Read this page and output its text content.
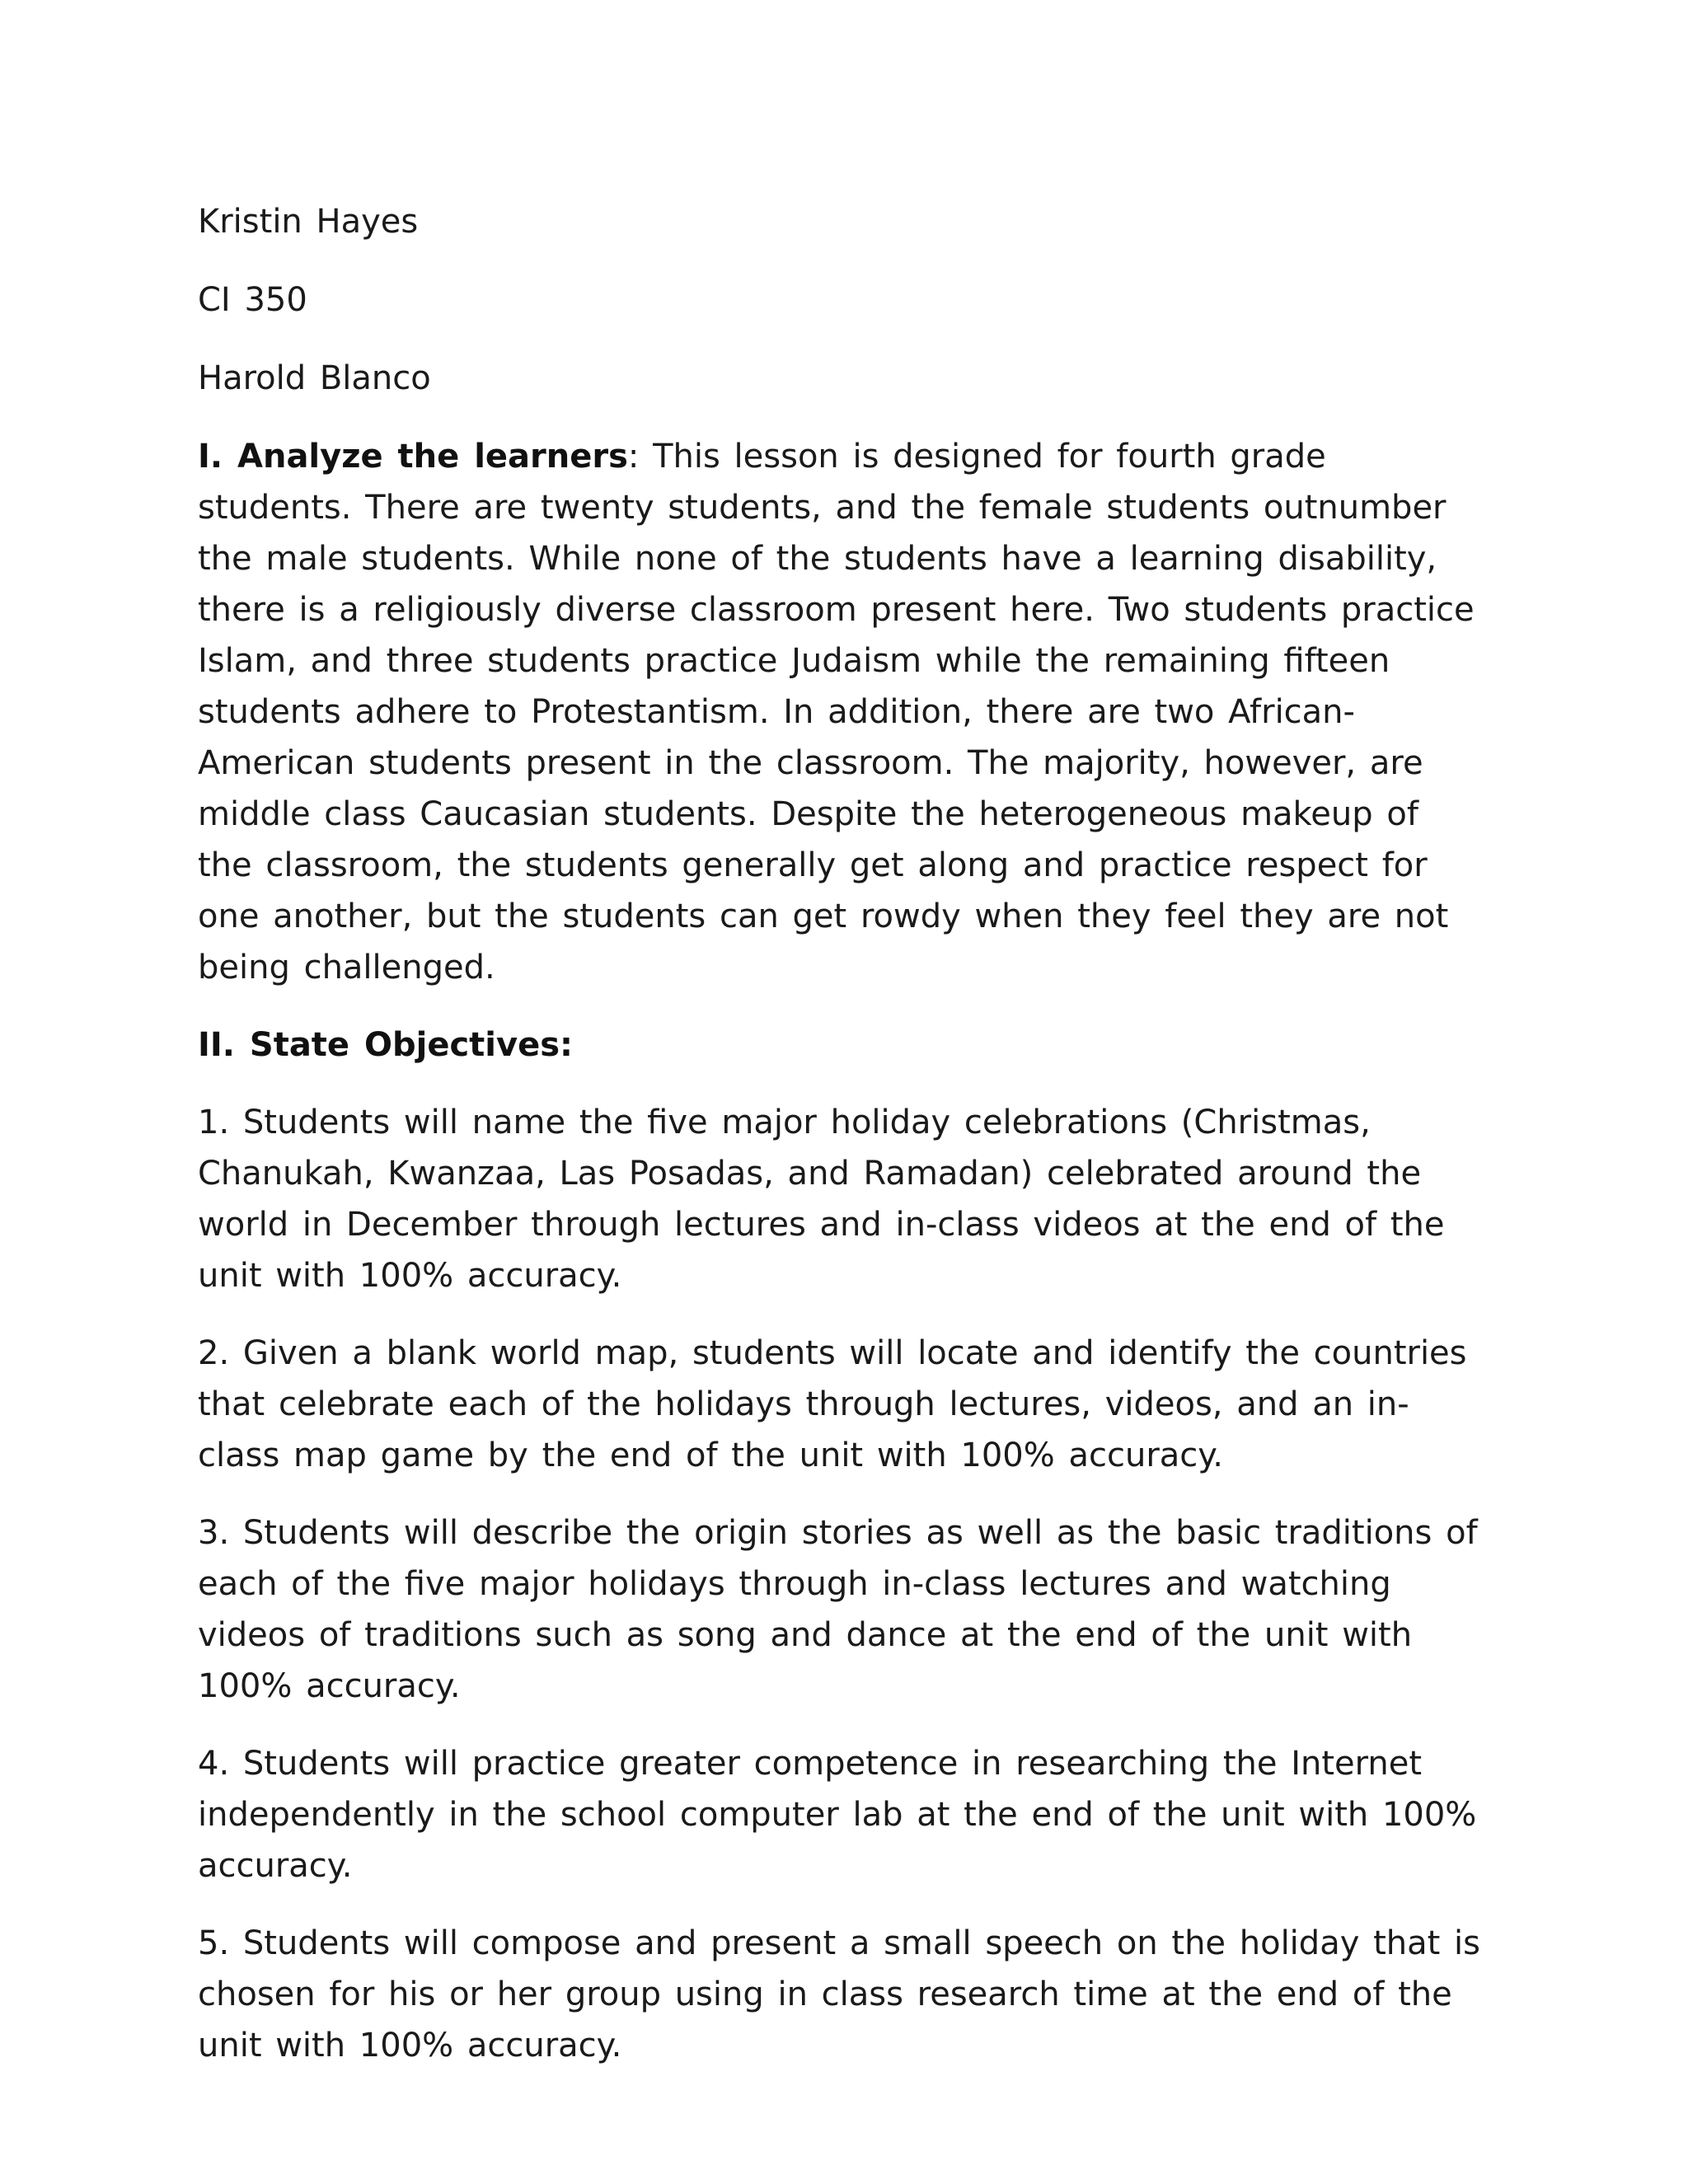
Kristin Hayes
CI 350
Harold Blanco

I. Analyze the learners: This lesson is designed for fourth grade students. There are twenty students, and the female students outnumber the male students. While none of the students have a learning disability, there is a religiously diverse classroom present here. Two students practice Islam, and three students practice Judaism while the remaining fifteen students adhere to Protestantism. In addition, there are two African-American students present in the classroom. The majority, however, are middle class Caucasian students. Despite the heterogeneous makeup of the classroom, the students generally get along and practice respect for one another, but the students can get rowdy when they feel they are not being challenged.

II. State Objectives:

1. Students will name the five major holiday celebrations (Christmas, Chanukah, Kwanzaa, Las Posadas, and Ramadan) celebrated around the world in December through lectures and in-class videos at the end of the unit with 100% accuracy.

2. Given a blank world map, students will locate and identify the countries that celebrate each of the holidays through lectures, videos, and an in-class map game by the end of the unit with 100% accuracy.

3. Students will describe the origin stories as well as the basic traditions of each of the five major holidays through in-class lectures and watching videos of traditions such as song and dance at the end of the unit with 100% accuracy.

4. Students will practice greater competence in researching the Internet independently in the school computer lab at the end of the unit with 100% accuracy.

5. Students will compose and present a small speech on the holiday that is chosen for his or her group using in class research time at the end of the unit with 100% accuracy.
